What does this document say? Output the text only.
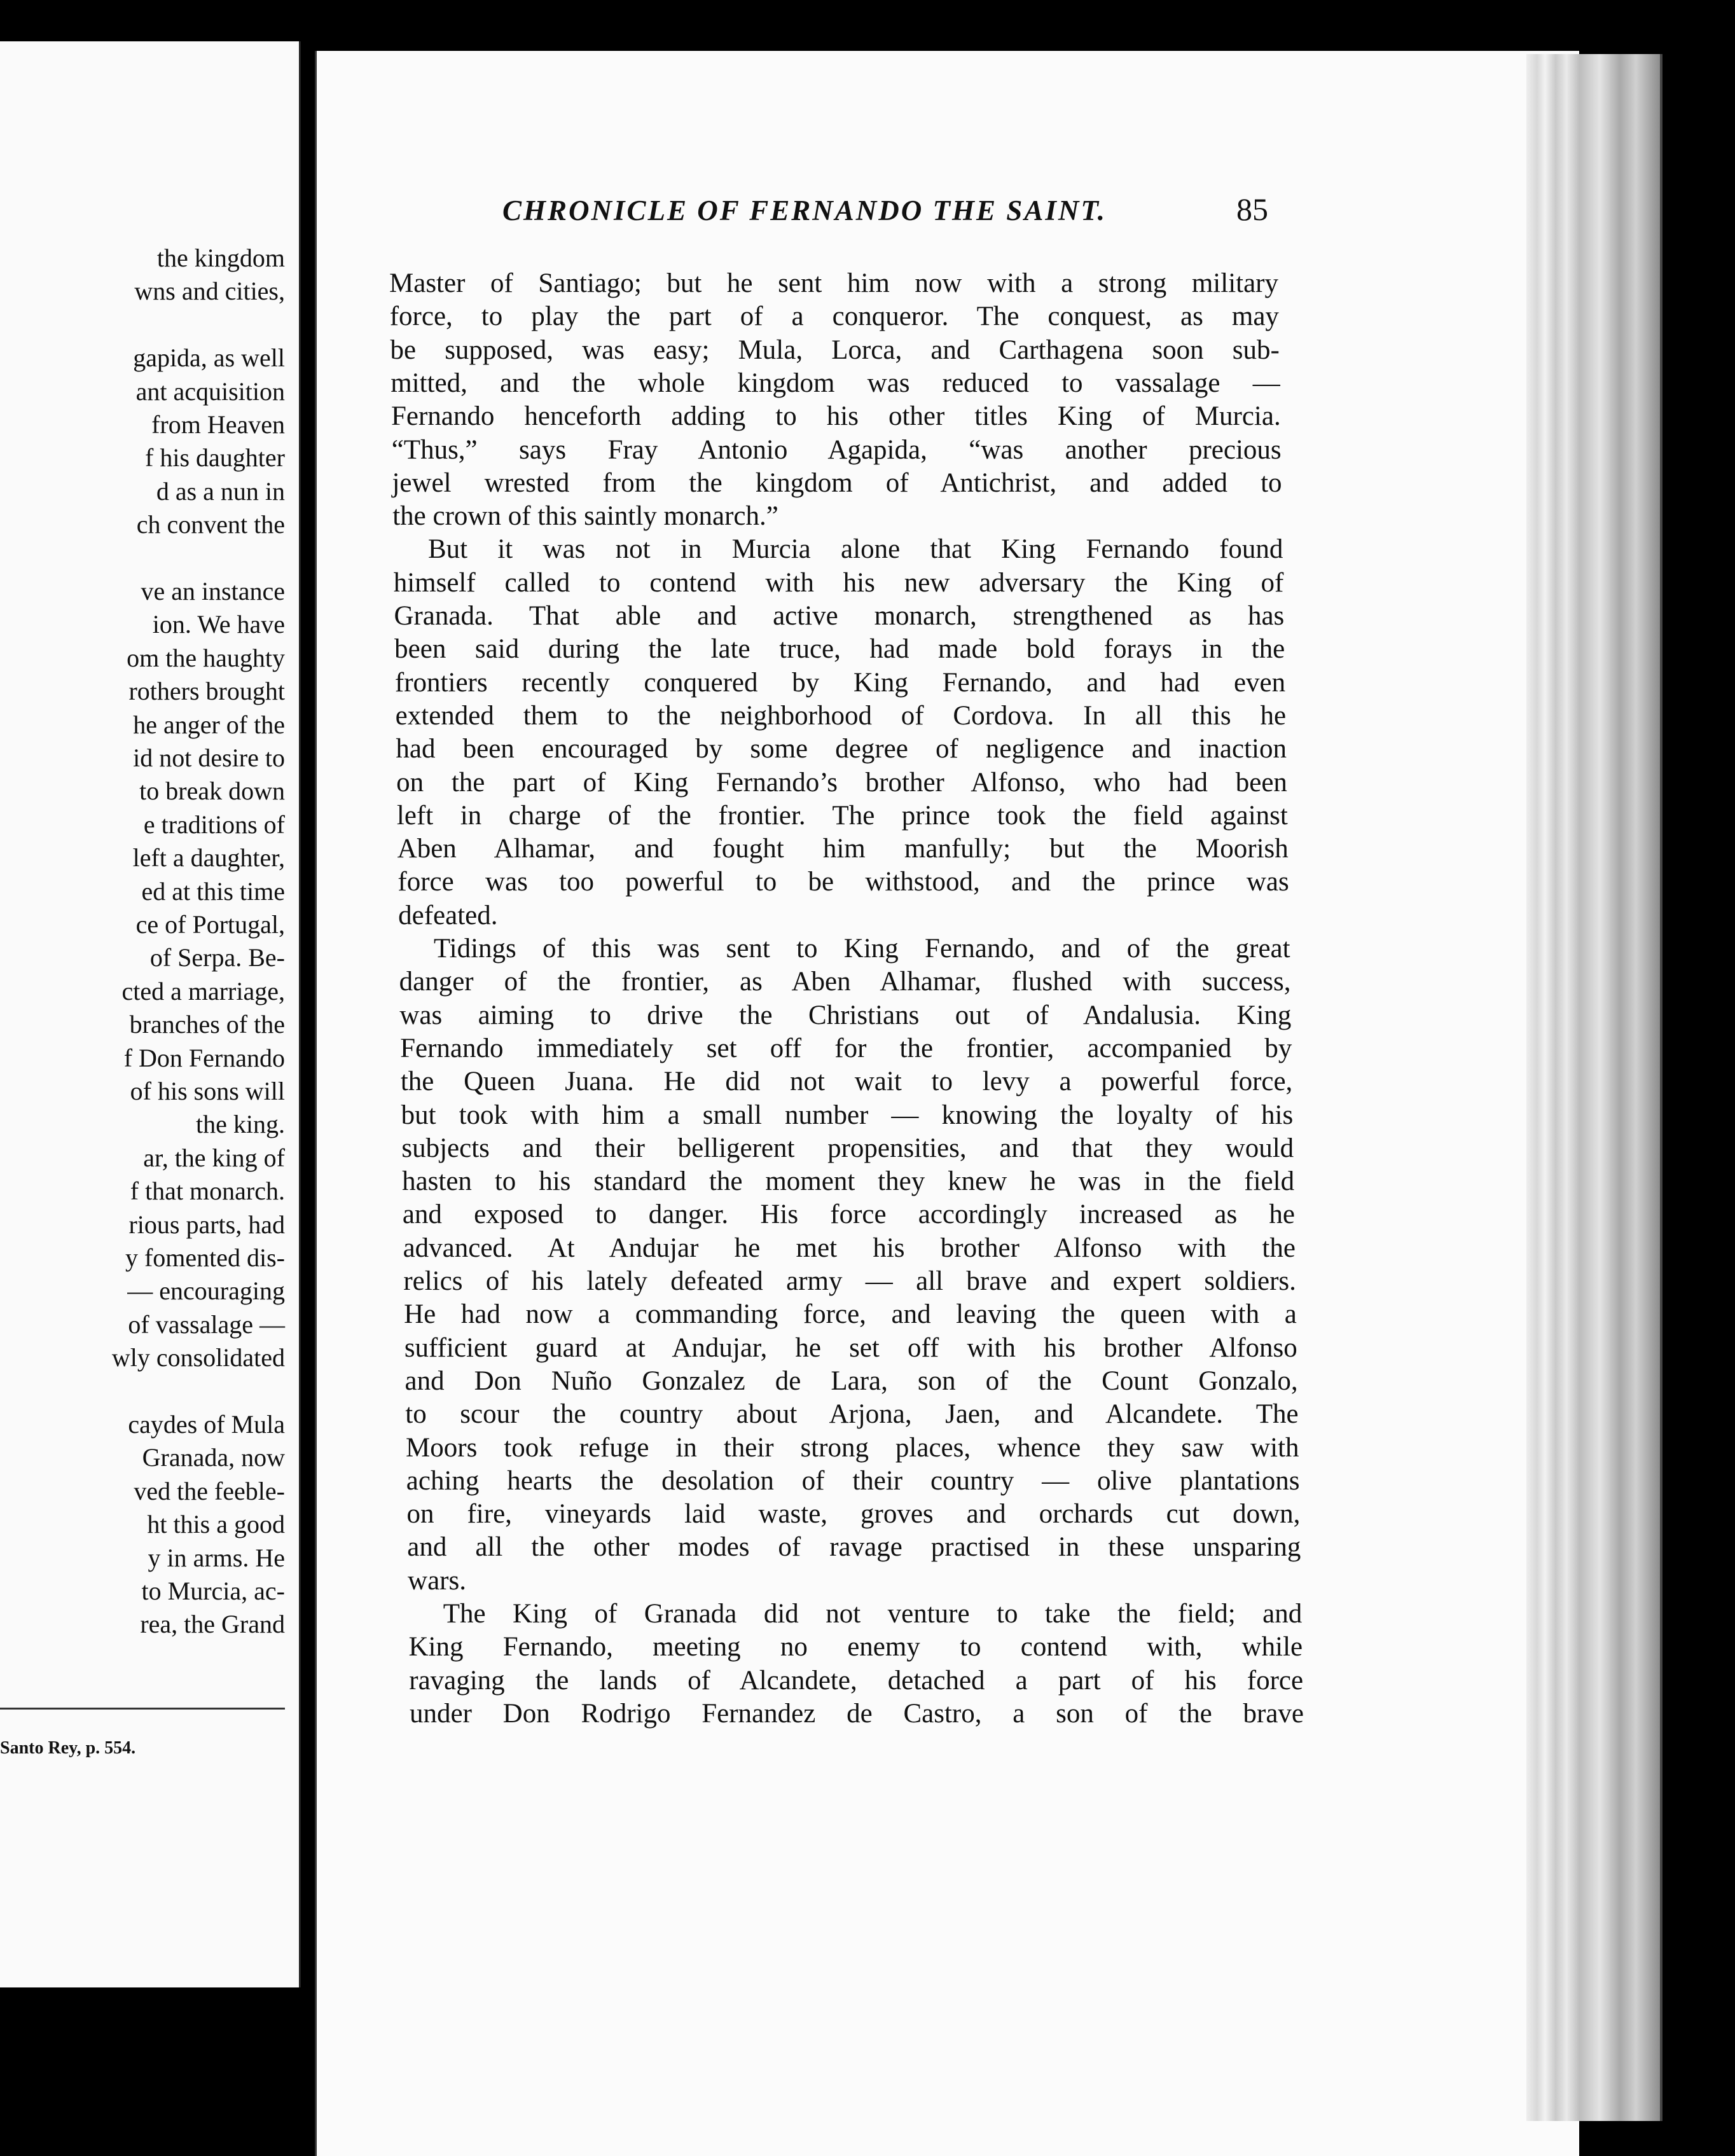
the kingdom
wns and cities,
gapida, as well
ant acquisition
from Heaven
f his daughter
d as a nun in
ch convent the
ve an instance
ion. We have
om the haughty
rothers brought
he anger of the
id not desire to
to break down
e traditions of
left a daughter,
ed at this time
ce of Portugal,
of Serpa. Be-
cted a marriage,
branches of the
f Don Fernando
of his sons will
the king.
ar, the king of
f that monarch.
rious parts, had
y fomented dis-
— encouraging
of vassalage —
wly consolidated
caydes of Mula
Granada, now
ved the feeble-
ht this a good
y in arms. He
to Murcia, ac-
rea, the Grand
Santo Rey, p. 554.
CHRONICLE OF FERNANDO THE SAINT.	85
Master of Santiago; but he sent him now with a strong military
force, to play the part of a conqueror. The conquest, as may
be supposed, was easy; Mula, Lorca, and Carthagena soon sub-
mitted, and the whole kingdom was reduced to vassalage —
Fernando henceforth adding to his other titles King of Murcia.
“Thus,” says Fray Antonio Agapida, “was another precious
jewel wrested from the kingdom of Antichrist, and added to
the crown of this saintly monarch.”
But it was not in Murcia alone that King Fernando found
himself called to contend with his new adversary the King of
Granada. That able and active monarch, strengthened as has
been said during the late truce, had made bold forays in the
frontiers recently conquered by King Fernando, and had even
extended them to the neighborhood of Cordova. In all this he
had been encouraged by some degree of negligence and inaction
on the part of King Fernando’s brother Alfonso, who had been
left in charge of the frontier. The prince took the field against
Aben Alhamar, and fought him manfully; but the Moorish
force was too powerful to be withstood, and the prince was
defeated.
Tidings of this was sent to King Fernando, and of the great
danger of the frontier, as Aben Alhamar, flushed with success,
was aiming to drive the Christians out of Andalusia. King
Fernando immediately set off for the frontier, accompanied by
the Queen Juana. He did not wait to levy a powerful force,
but took with him a small number — knowing the loyalty of his
subjects and their belligerent propensities, and that they would
hasten to his standard the moment they knew he was in the field
and exposed to danger. His force accordingly increased as he
advanced. At Andujar he met his brother Alfonso with the
relics of his lately defeated army — all brave and expert soldiers.
He had now a commanding force, and leaving the queen with a
sufficient guard at Andujar, he set off with his brother Alfonso
and Don Nuño Gonzalez de Lara, son of the Count Gonzalo,
to scour the country about Arjona, Jaen, and Alcandete. The
Moors took refuge in their strong places, whence they saw with
aching hearts the desolation of their country — olive plantations
on fire, vineyards laid waste, groves and orchards cut down,
and all the other modes of ravage practised in these unsparing
wars.
The King of Granada did not venture to take the field; and
King Fernando, meeting no enemy to contend with, while
ravaging the lands of Alcandete, detached a part of his force
under Don Rodrigo Fernandez de Castro, a son of the brave
